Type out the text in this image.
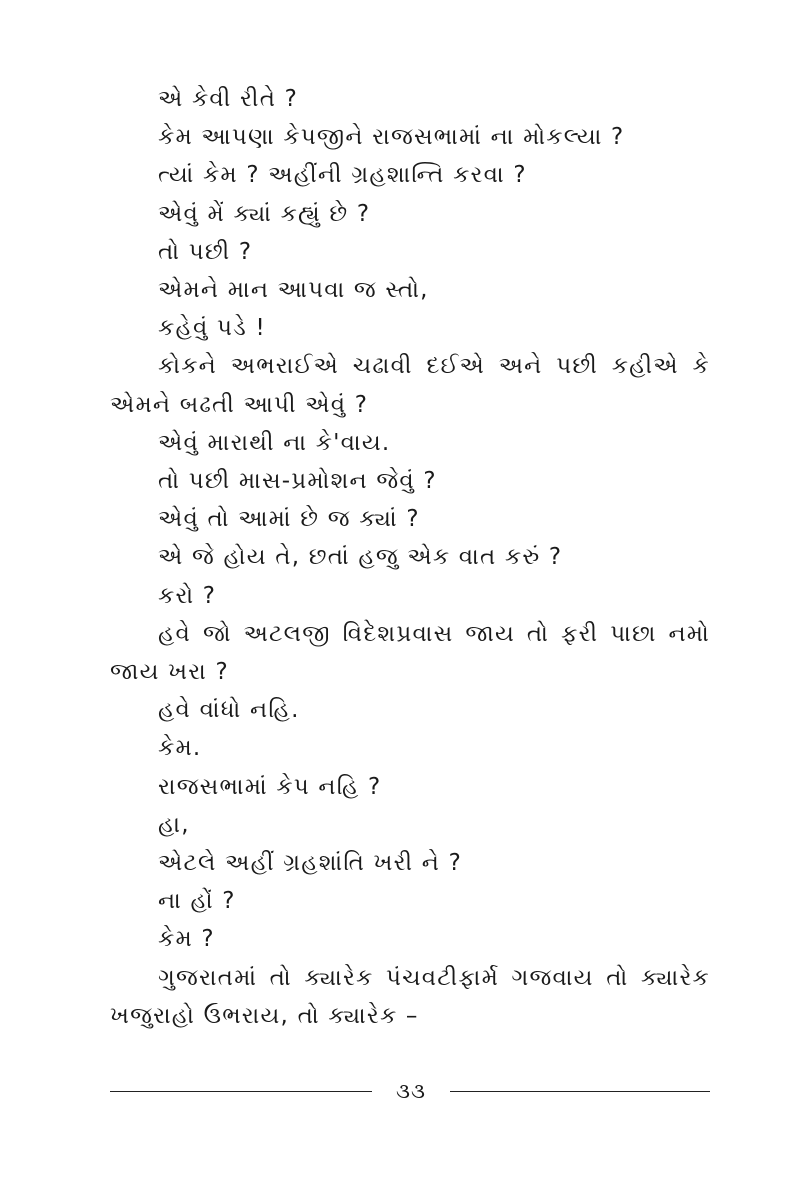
એ કેવી રીતે ?

કેમ આપણા કેપજીને રાજસભામાં ના મોકલ્યા ?

ત્યાં કેમ ? અહીંની ગ્રહશાન્તિ કરવા ?

એવું મેં ક્યાં કહ્યું છે ?

તો પછી ?

એમને માન આપવા જ સ્તો,

કહેવું પડે !

કોકને અભરાઈએ ચઢાવી દઈએ અને પછી કહીએ કે એમને બઢતી આપી એવું ?

એવું મારાથી ના કે'વાય.

તો પછી માસ-પ્રમોશન જેવું ?

એવું તો આમાં છે જ ક્યાં ?

એ જે હોય તે, છતાં હજુ એક વાત કરું ?

કરો ?

હવે જો અટલજી વિદેશપ્રવાસ જાય તો ફરી પાછા નમો જાય ખરા ?

હવે વાંધો નહિ.

કેમ.

રાજસભામાં કેપ નહિ ?

હા,

એટલે અહીં ગ્રહશાંતિ ખરી ને ?

ના હોં ?

કેમ ?

ગુજરાતમાં તો ક્યારેક પંચવટીફાર્મ ગજવાય તો ક્યારેક ખજુરાહો ઉભરાય, તો ક્યારેક –

૩૩
